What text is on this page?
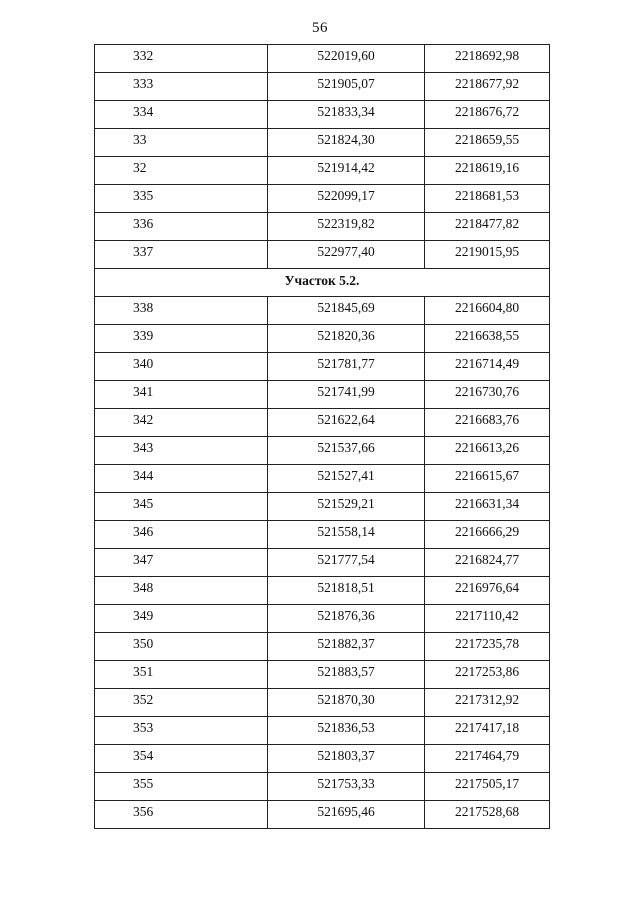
56
332	522019,60	2218692,98
333	521905,07	2218677,92
334	521833,34	2218676,72
33	521824,30	2218659,55
32	521914,42	2218619,16
335	522099,17	2218681,53
336	522319,82	2218477,82
337	522977,40	2219015,95
Участок 5.2.		
338	521845,69	2216604,80
339	521820,36	2216638,55
340	521781,77	2216714,49
341	521741,99	2216730,76
342	521622,64	2216683,76
343	521537,66	2216613,26
344	521527,41	2216615,67
345	521529,21	2216631,34
346	521558,14	2216666,29
347	521777,54	2216824,77
348	521818,51	2216976,64
349	521876,36	2217110,42
350	521882,37	2217235,78
351	521883,57	2217253,86
352	521870,30	2217312,92
353	521836,53	2217417,18
354	521803,37	2217464,79
355	521753,33	2217505,17
356	521695,46	2217528,68
